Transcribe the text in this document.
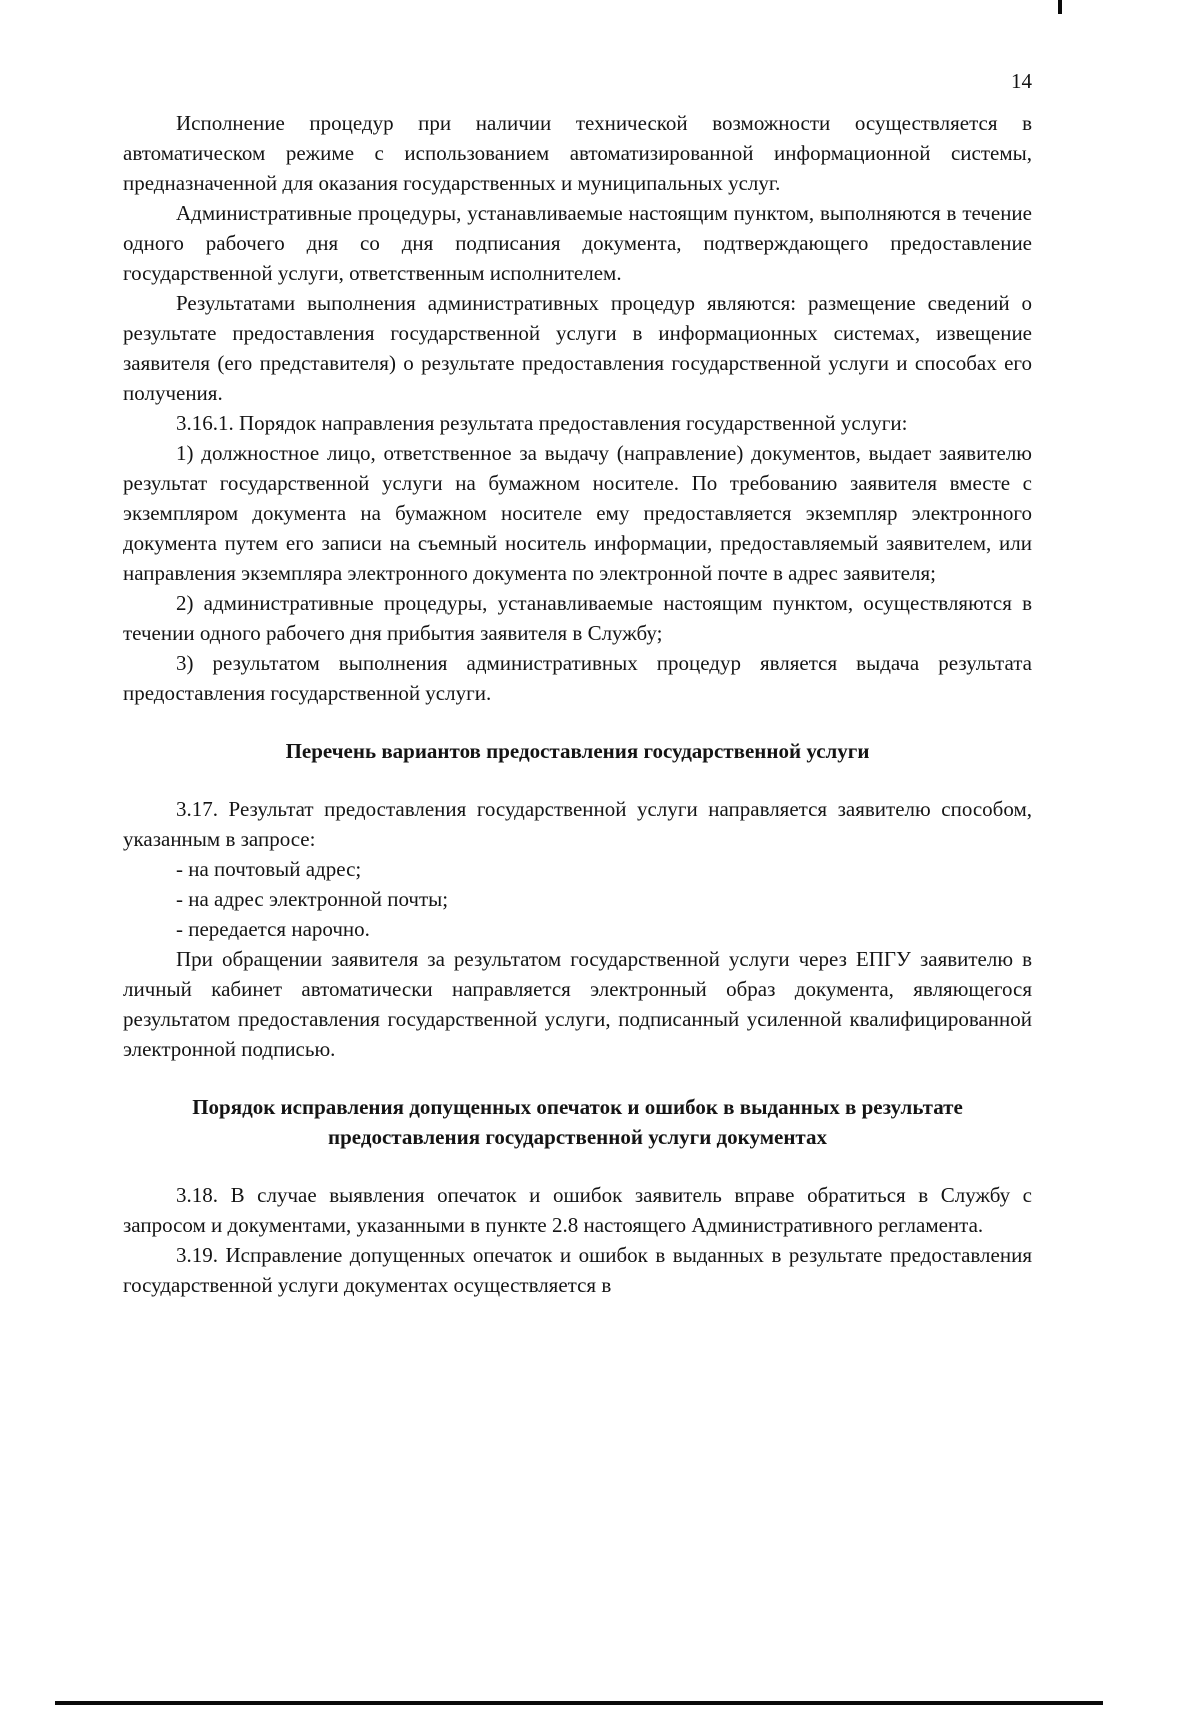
14

Исполнение процедур при наличии технической возможности осуществляется в автоматическом режиме с использованием автоматизированной информационной системы, предназначенной для оказания государственных и муниципальных услуг.

Административные процедуры, устанавливаемые настоящим пунктом, выполняются в течение одного рабочего дня со дня подписания документа, подтверждающего предоставление государственной услуги, ответственным исполнителем.

Результатами выполнения административных процедур являются: размещение сведений о результате предоставления государственной услуги в информационных системах, извещение заявителя (его представителя) о результате предоставления государственной услуги и способах его получения.

3.16.1. Порядок направления результата предоставления государственной услуги:

1) должностное лицо, ответственное за выдачу (направление) документов, выдает заявителю результат государственной услуги на бумажном носителе. По требованию заявителя вместе с экземпляром документа на бумажном носителе ему предоставляется экземпляр электронного документа путем его записи на съемный носитель информации, предоставляемый заявителем, или направления экземпляра электронного документа по электронной почте в адрес заявителя;

2) административные процедуры, устанавливаемые настоящим пунктом, осуществляются в течении одного рабочего дня прибытия заявителя в Службу;

3) результатом выполнения административных процедур является выдача результата предоставления государственной услуги.

Перечень вариантов предоставления государственной услуги

3.17. Результат предоставления государственной услуги направляется заявителю способом, указанным в запросе:

- на почтовый адрес;

- на адрес электронной почты;

- передается нарочно.

При обращении заявителя за результатом государственной услуги через ЕПГУ заявителю в личный кабинет автоматически направляется электронный образ документа, являющегося результатом предоставления государственной услуги, подписанный усиленной квалифицированной электронной подписью.

Порядок исправления допущенных опечаток и ошибок в выданных в результате предоставления государственной услуги документах

3.18. В случае выявления опечаток и ошибок заявитель вправе обратиться в Службу с запросом и документами, указанными в пункте 2.8 настоящего Административного регламента.

3.19. Исправление допущенных опечаток и ошибок в выданных в результате предоставления государственной услуги документах осуществляется в
